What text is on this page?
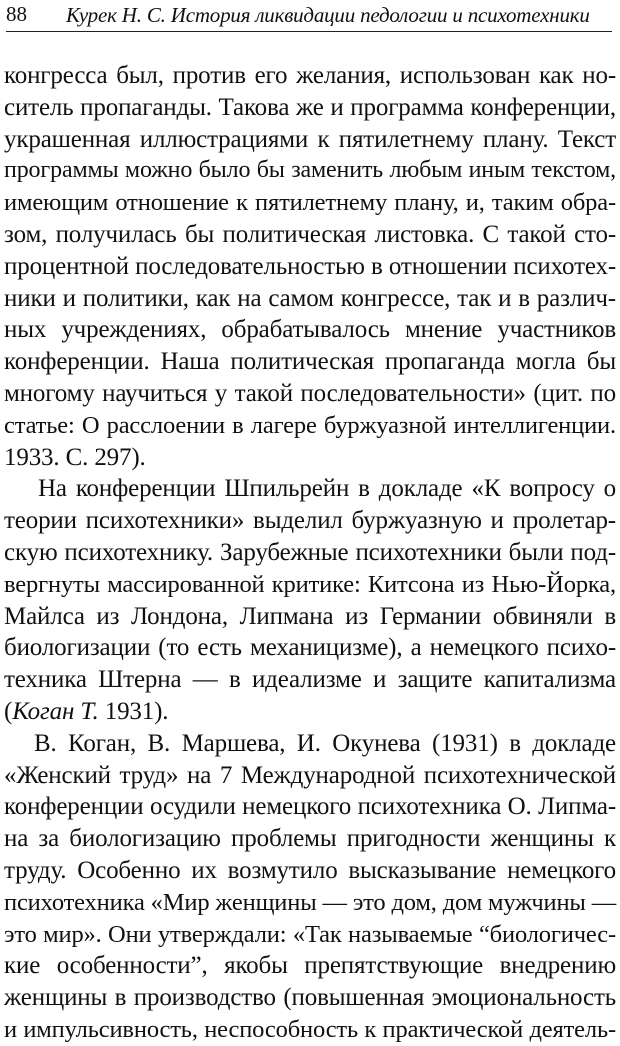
88 Курек Н. С. История ликвидации педологии и психотехники
конгресса был, против его желания, использован как но-
ситель пропаганды. Такова же и программа конференции,
украшенная иллюстрациями к пятилетнему плану. Текст
программы можно было бы заменить любым иным текстом,
имеющим отношение к пятилетнему плану, и, таким обра-
зом, получилась бы политическая листовка. С такой сто-
процентной последовательностью в отношении психотех-
ники и политики, как на самом конгрессе, так и в различ-
ных учреждениях, обрабатывалось мнение участников
конференции. Наша политическая пропаганда могла бы
многому научиться у такой последовательности» (цит. по
статье: О расслоении в лагере буржуазной интеллигенции.
1933. С. 297).
На конференции Шпильрейн в докладе «К вопросу о
теории психотехники» выделил буржуазную и пролетар-
скую психотехнику. Зарубежные психотехники были под-
вергнуты массированной критике: Китсона из Нью-Йорка,
Майлса из Лондона, Липмана из Германии обвиняли в
биологизации (то есть механицизме), а немецкого психо-
техника Штерна — в идеализме и защите капитализма
(Коган Т. 1931).
В. Коган, В. Маршева, И. Окунева (1931) в докладе
«Женский труд» на 7 Международной психотехнической
конференции осудили немецкого психотехника О. Липма-
на за биологизацию проблемы пригодности женщины к
труду. Особенно их возмутило высказывание немецкого
психотехника «Мир женщины — это дом, дом мужчины —
это мир». Они утверждали: «Так называемые “биологичес-
кие особенности”, якобы препятствующие внедрению
женщины в производство (повышенная эмоциональность
и импульсивность, неспособность к практической деятель-
